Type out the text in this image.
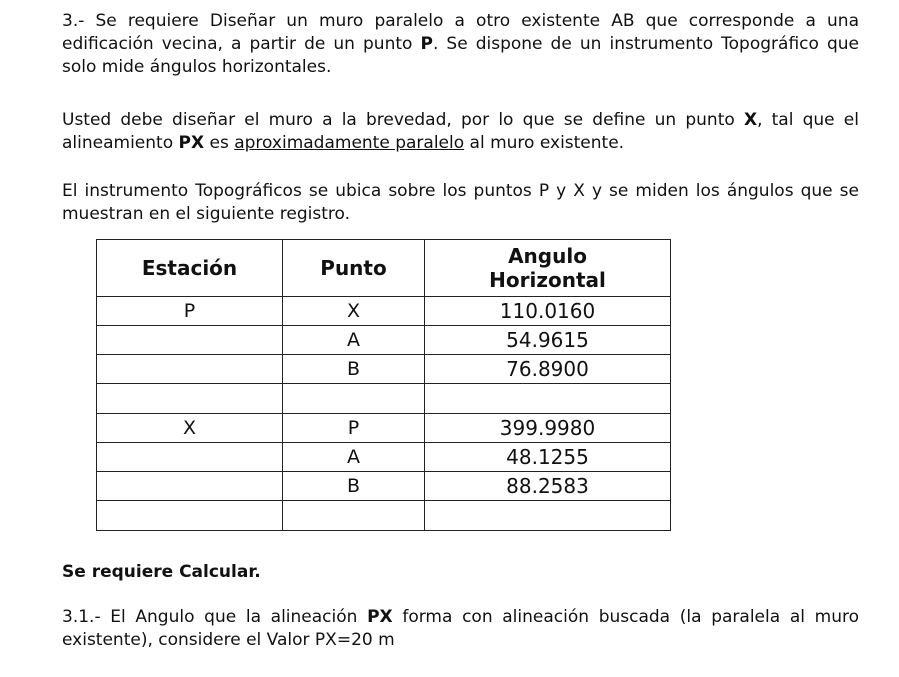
3.- Se requiere Diseñar un muro paralelo a otro existente AB que corresponde a una edificación vecina, a partir de un punto P. Se dispone de un instrumento Topográfico que solo mide ángulos horizontales.

Usted debe diseñar el muro a la brevedad, por lo que se define un punto X, tal que el alineamiento PX es aproximadamente paralelo al muro existente.

El instrumento Topográficos se ubica sobre los puntos P y X y se miden los ángulos que se muestran en el siguiente registro.

Estación	Punto	Angulo
Horizontal
P	X	110.0160
	A	54.9615
	B	76.8900

X	P	399.9980
	A	48.1255
	B	88.2583

Se requiere Calcular.

3.1.- El Angulo que la alineación PX forma con alineación buscada (la paralela al muro existente), considere el Valor PX=20 m
